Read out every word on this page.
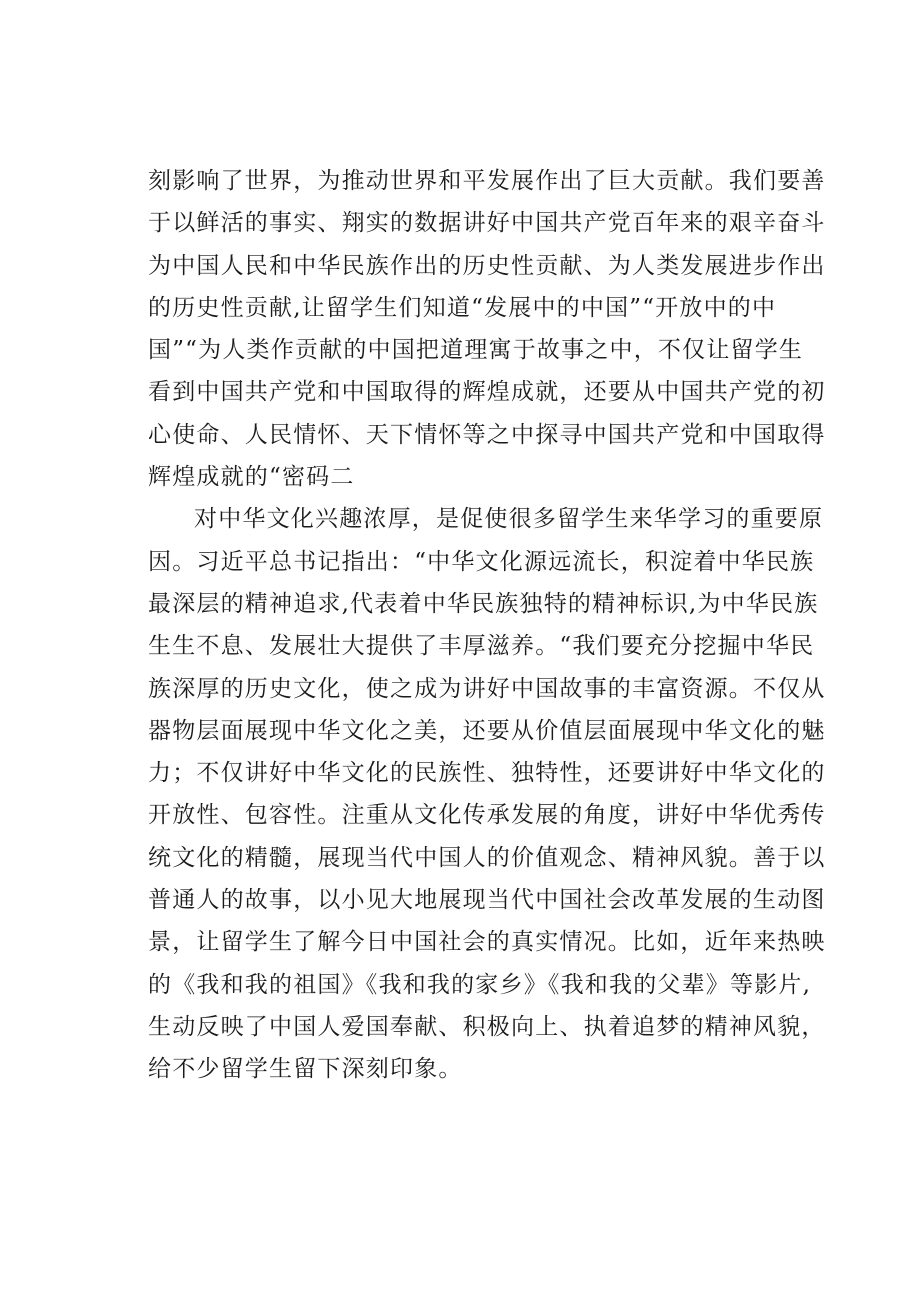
刻影响了世界，为推动世界和平发展作出了巨大贡献。我们要善
于以鲜活的事实、翔实的数据讲好中国共产党百年来的艰辛奋斗
为中国人民和中华民族作出的历史性贡献、为人类发展进步作出
的历史性贡献,让留学生们知道“发展中的中国”“开放中的中
国”“为人类作贡献的中国把道理寓于故事之中，不仅让留学生
看到中国共产党和中国取得的辉煌成就，还要从中国共产党的初
心使命、人民情怀、天下情怀等之中探寻中国共产党和中国取得
辉煌成就的“密码二
对中华文化兴趣浓厚，是促使很多留学生来华学习的重要原
因。习近平总书记指出：“中华文化源远流长，积淀着中华民族
最深层的精神追求,代表着中华民族独特的精神标识,为中华民族
生生不息、发展壮大提供了丰厚滋养。“我们要充分挖掘中华民
族深厚的历史文化，使之成为讲好中国故事的丰富资源。不仅从
器物层面展现中华文化之美，还要从价值层面展现中华文化的魅
力；不仅讲好中华文化的民族性、独特性，还要讲好中华文化的
开放性、包容性。注重从文化传承发展的角度，讲好中华优秀传
统文化的精髓，展现当代中国人的价值观念、精神风貌。善于以
普通人的故事，以小见大地展现当代中国社会改革发展的生动图
景，让留学生了解今日中国社会的真实情况。比如，近年来热映
的《我和我的祖国》《我和我的家乡》《我和我的父辈》等影片,
生动反映了中国人爱国奉献、积极向上、执着追梦的精神风貌，
给不少留学生留下深刻印象。
